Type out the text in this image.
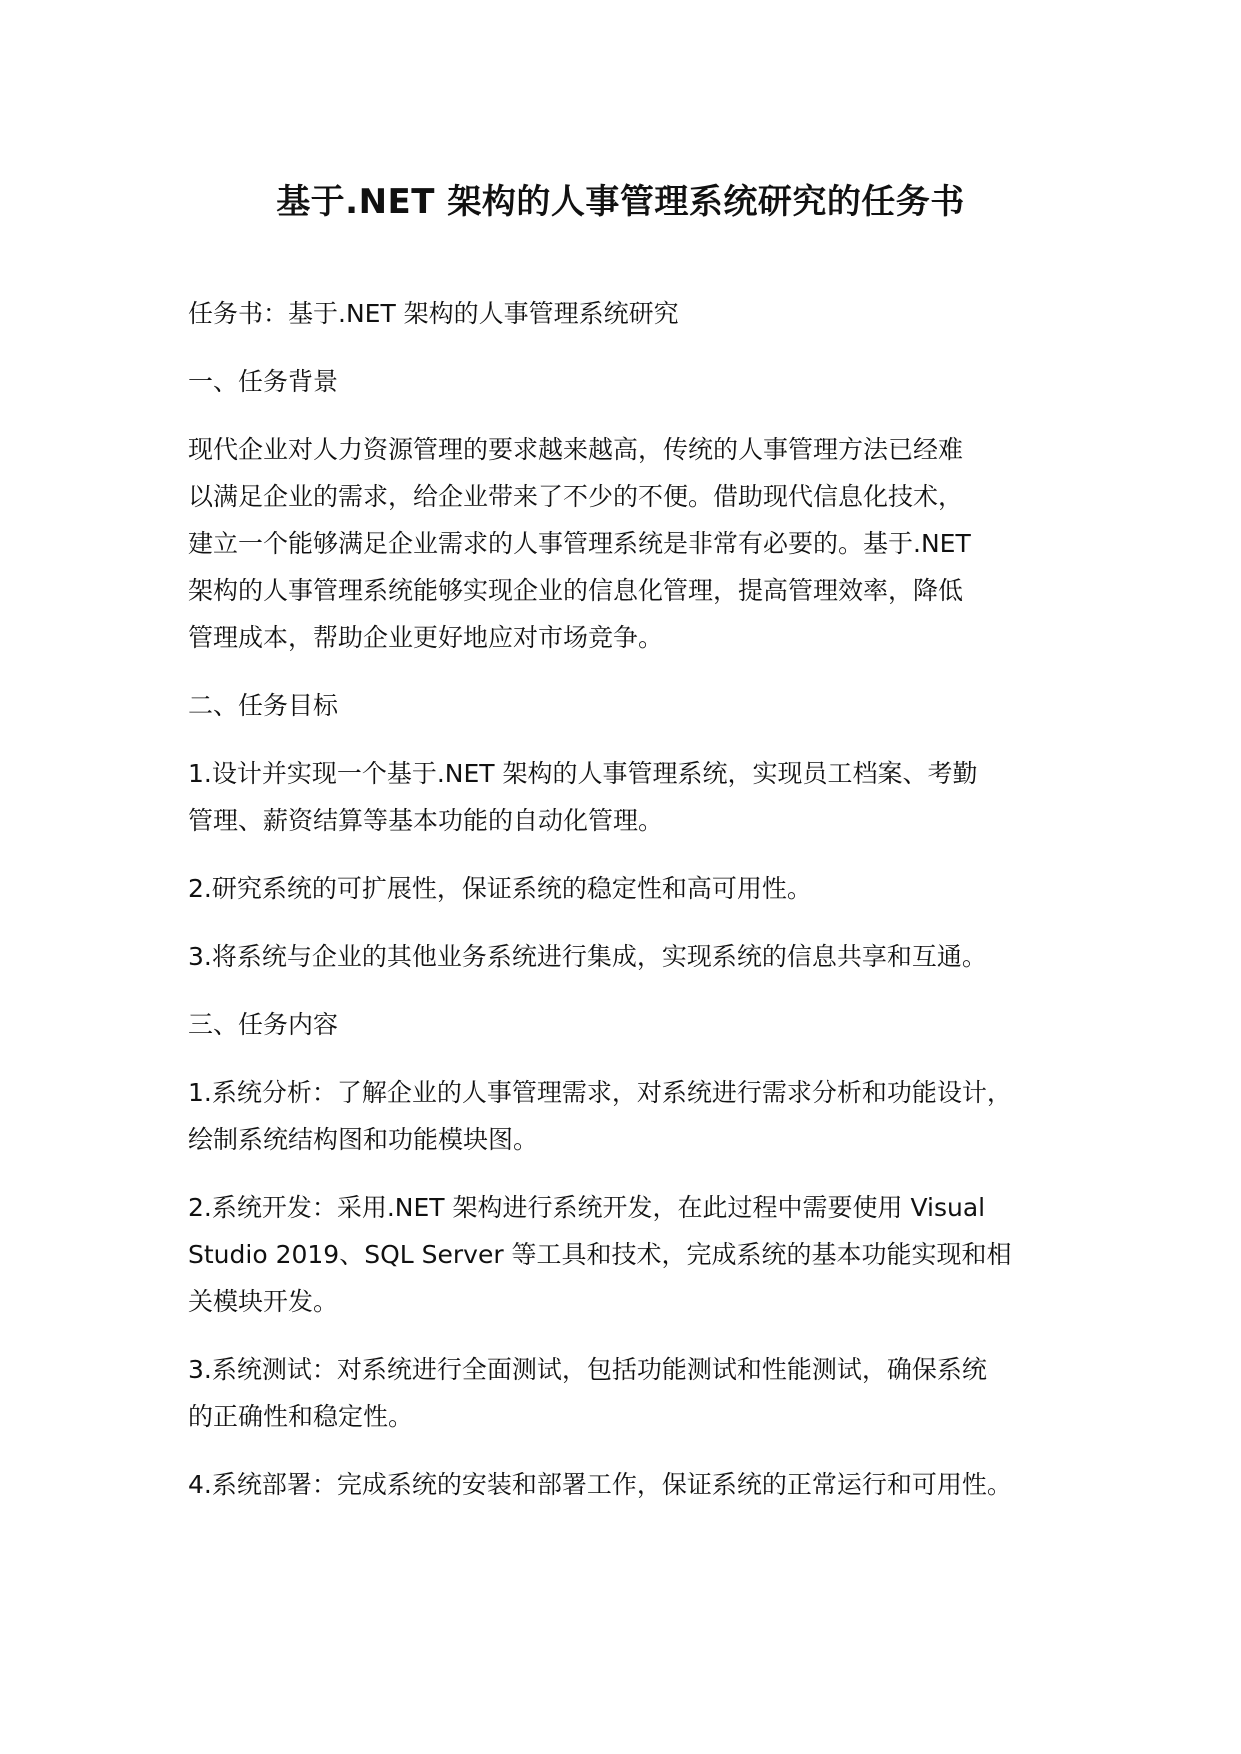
基于.NET 架构的人事管理系统研究的任务书

任务书：基于.NET 架构的人事管理系统研究

一、任务背景

现代企业对人力资源管理的要求越来越高，传统的人事管理方法已经难
以满足企业的需求，给企业带来了不少的不便。借助现代信息化技术，
建立一个能够满足企业需求的人事管理系统是非常有必要的。基于.NET
架构的人事管理系统能够实现企业的信息化管理，提高管理效率，降低
管理成本，帮助企业更好地应对市场竞争。

二、任务目标

1.设计并实现一个基于.NET 架构的人事管理系统，实现员工档案、考勤
管理、薪资结算等基本功能的自动化管理。

2.研究系统的可扩展性，保证系统的稳定性和高可用性。

3.将系统与企业的其他业务系统进行集成，实现系统的信息共享和互通。

三、任务内容

1.系统分析：了解企业的人事管理需求，对系统进行需求分析和功能设计，
绘制系统结构图和功能模块图。

2.系统开发：采用.NET 架构进行系统开发，在此过程中需要使用 Visual
Studio 2019、SQL Server 等工具和技术，完成系统的基本功能实现和相
关模块开发。

3.系统测试：对系统进行全面测试，包括功能测试和性能测试，确保系统
的正确性和稳定性。

4.系统部署：完成系统的安装和部署工作，保证系统的正常运行和可用性。
